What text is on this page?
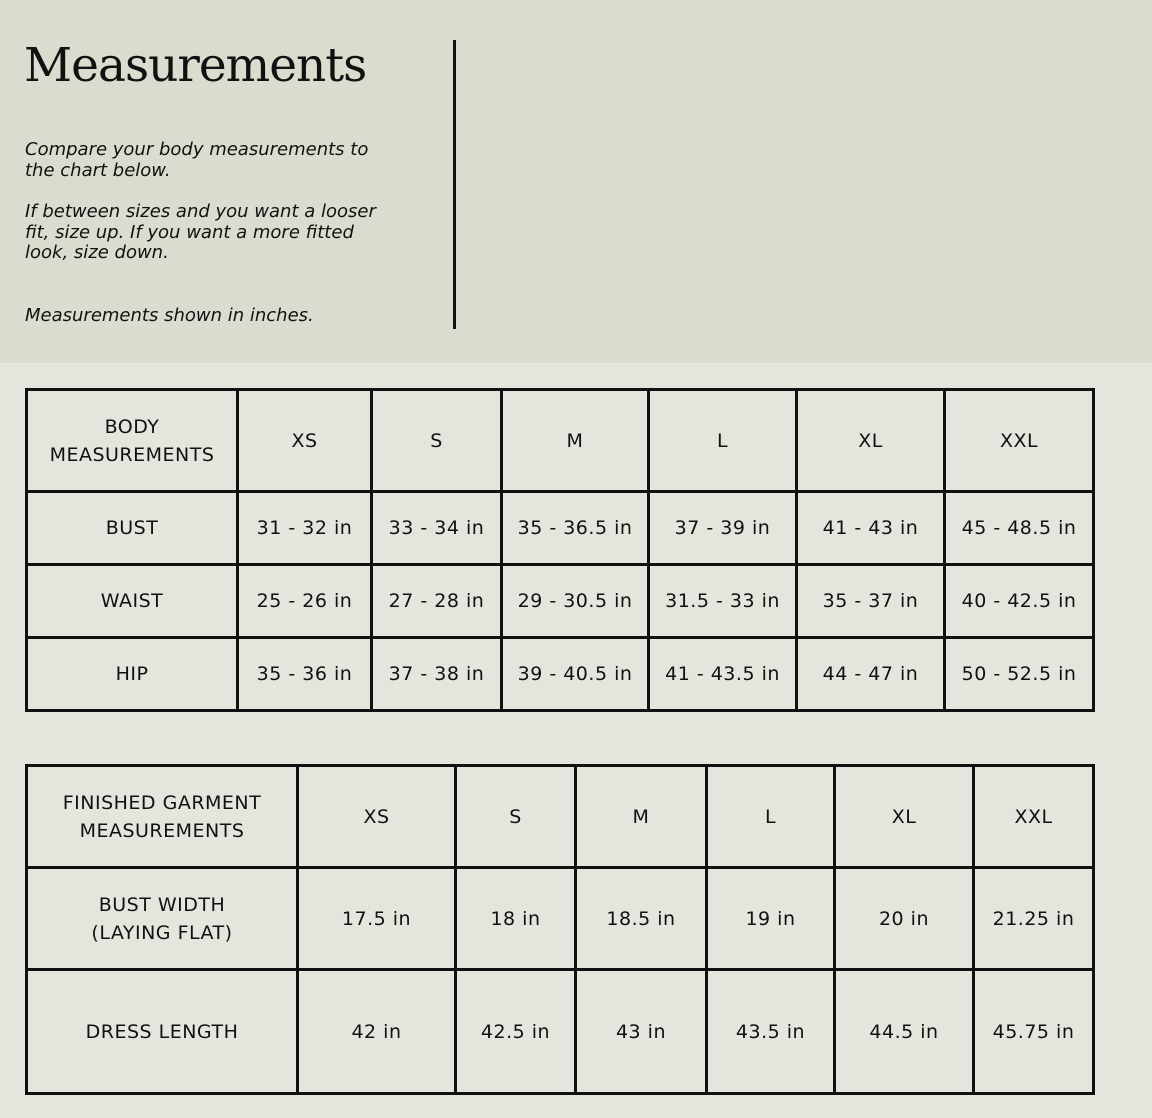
Measurements

Compare your body measurements to the chart below.

If between sizes and you want a looser fit, size up. If you want a more fitted look, size down.

Measurements shown in inches.

BODY
MEASUREMENTS	XS	S	M	L	XL	XXL
BUST	31 - 32 in	33 - 34 in	35 - 36.5 in	37 - 39 in	41 - 43 in	45 - 48.5 in
WAIST	25 - 26 in	27 - 28 in	29 - 30.5 in	31.5 - 33 in	35 - 37 in	40 - 42.5 in
HIP	35 - 36 in	37 - 38 in	39 - 40.5 in	41 - 43.5 in	44 - 47 in	50 - 52.5 in
FINISHED GARMENT
MEASUREMENTS	XS	S	M	L	XL	XXL
BUST WIDTH
(LAYING FLAT)	17.5 in	18 in	18.5 in	19 in	20 in	21.25 in
DRESS LENGTH	42 in	42.5 in	43 in	43.5 in	44.5 in	45.75 in
